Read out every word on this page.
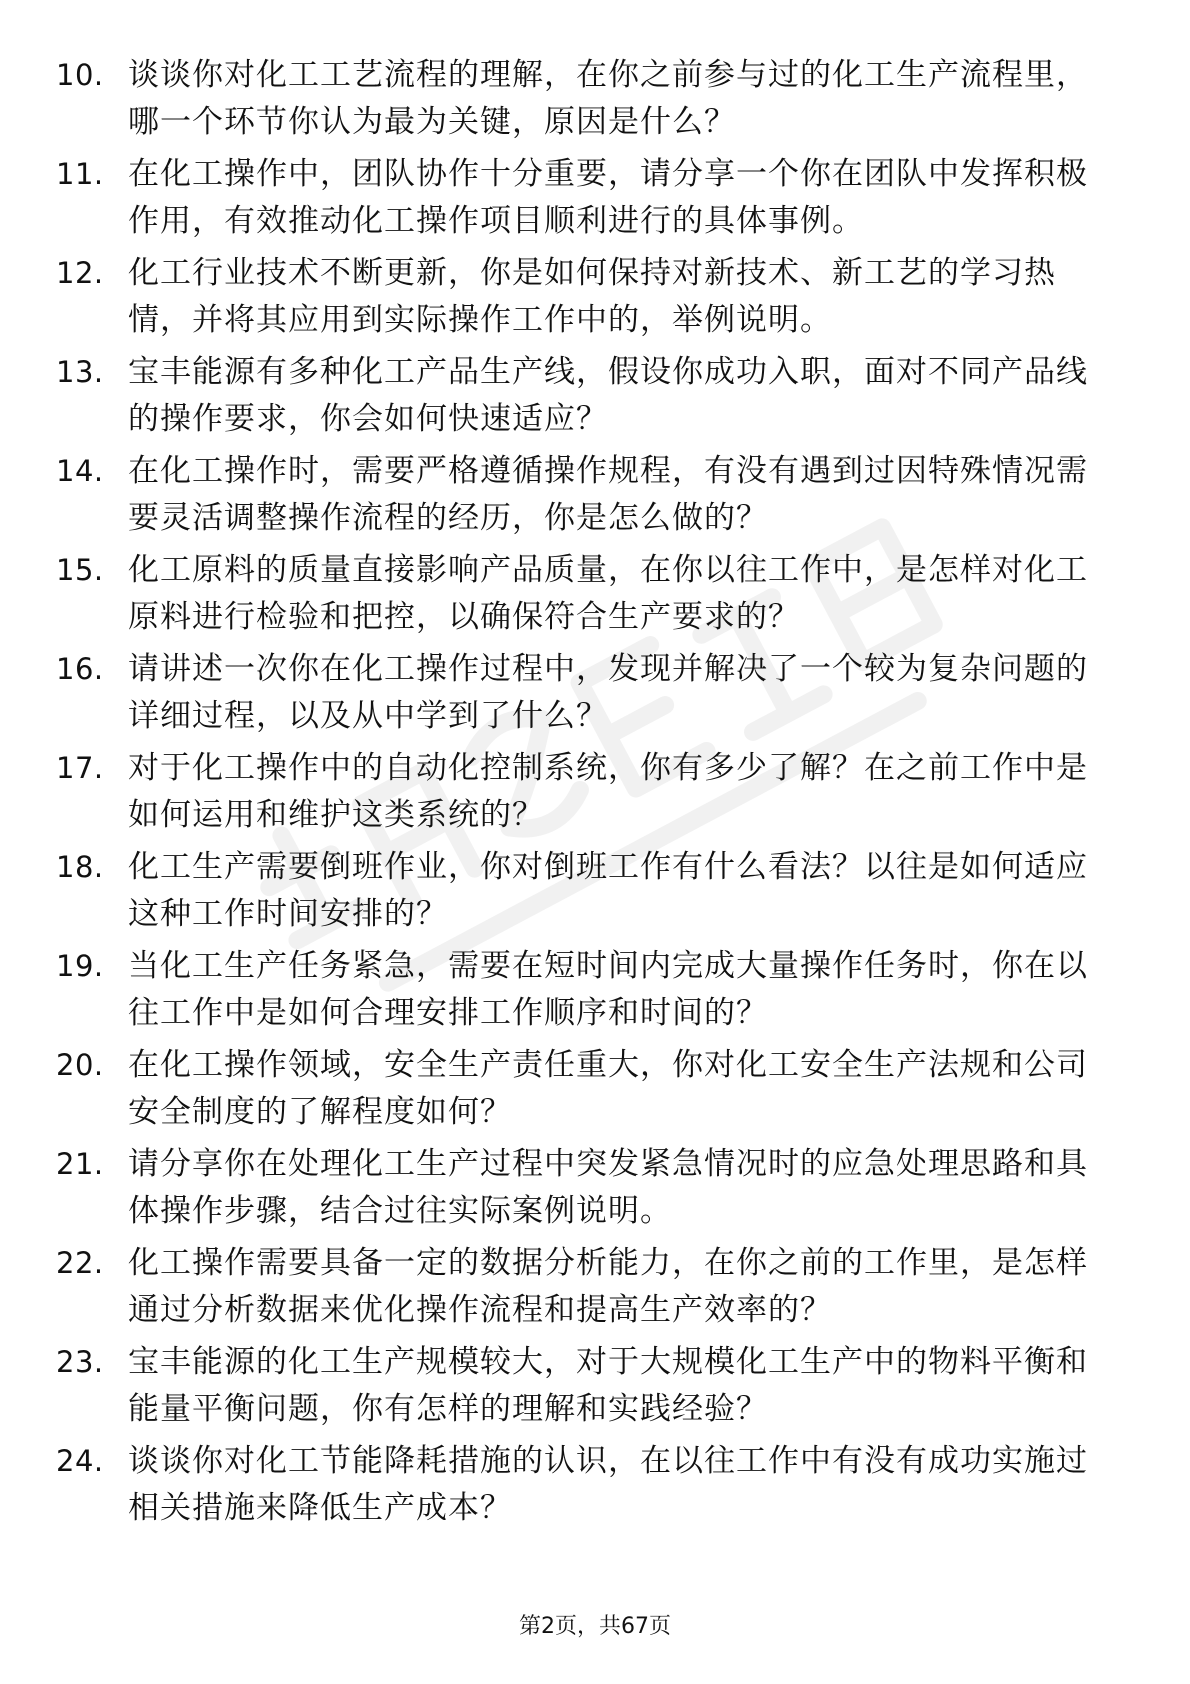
10. 谈谈你对化工工艺流程的理解，在你之前参与过的化工生产流程里，哪一个环节你认为最为关键，原因是什么？
11. 在化工操作中，团队协作十分重要，请分享一个你在团队中发挥积极作用，有效推动化工操作项目顺利进行的具体事例。
12. 化工行业技术不断更新，你是如何保持对新技术、新工艺的学习热情，并将其应用到实际操作工作中的，举例说明。
13. 宝丰能源有多种化工产品生产线，假设你成功入职，面对不同产品线的操作要求，你会如何快速适应？
14. 在化工操作时，需要严格遵循操作规程，有没有遇到过因特殊情况需要灵活调整操作流程的经历，你是怎么做的？
15. 化工原料的质量直接影响产品质量，在你以往工作中，是怎样对化工原料进行检验和把控，以确保符合生产要求的？
16. 请讲述一次你在化工操作过程中，发现并解决了一个较为复杂问题的详细过程，以及从中学到了什么？
17. 对于化工操作中的自动化控制系统，你有多少了解？在之前工作中是如何运用和维护这类系统的？
18. 化工生产需要倒班作业，你对倒班工作有什么看法？以往是如何适应这种工作时间安排的？
19. 当化工生产任务紧急，需要在短时间内完成大量操作任务时，你在以往工作中是如何合理安排工作顺序和时间的？
20. 在化工操作领域，安全生产责任重大，你对化工安全生产法规和公司安全制度的了解程度如何？
21. 请分享你在处理化工生产过程中突发紧急情况时的应急处理思路和具体操作步骤，结合过往实际案例说明。
22. 化工操作需要具备一定的数据分析能力，在你之前的工作里，是怎样通过分析数据来优化操作流程和提高生产效率的？
23. 宝丰能源的化工生产规模较大，对于大规模化工生产中的物料平衡和能量平衡问题，你有怎样的理解和实践经验？
24. 谈谈你对化工节能降耗措施的认识，在以往工作中有没有成功实施过相关措施来降低生产成本？
第2页，共67页
